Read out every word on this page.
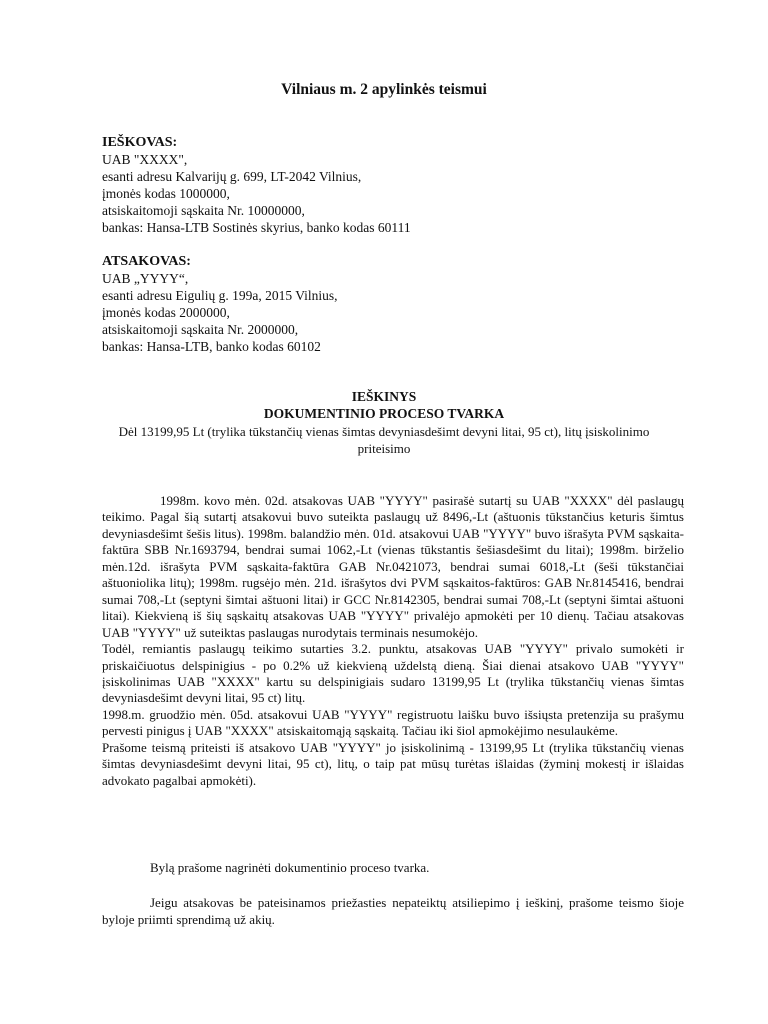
Vilniaus m. 2 apylinkės teismui
IEŠKOVAS:
UAB "XXXX",
esanti adresu Kalvarijų g. 699, LT-2042 Vilnius,
įmonės kodas 1000000,
atsiskaitomoji sąskaita Nr. 10000000,
bankas: Hansa-LTB Sostinės skyrius, banko kodas 60111
ATSAKOVAS:
UAB „YYYY“,
esanti adresu Eigulių g. 199a, 2015 Vilnius,
įmonės kodas 2000000,
atsiskaitomoji sąskaita Nr. 2000000,
bankas: Hansa-LTB, banko kodas 60102
IEŠKINYS
DOKUMENTINIO PROCESO TVARKA
Dėl 13199,95 Lt (trylika tūkstančių vienas šimtas devyniasdešimt devyni litai, 95 ct), litų įsiskolinimo priteisimo

1998m. kovo mėn. 02d. atsakovas UAB "YYYY" pasirašė sutartį su UAB "XXXX" dėl paslaugų teikimo. Pagal šią sutartį atsakovui buvo suteikta paslaugų už 8496,-Lt (aštuonis tūkstančius keturis šimtus devyniasdešimt šešis litus). 1998m. balandžio mėn. 01d. atsakovui UAB "YYYY" buvo išrašyta PVM sąskaita-faktūra SBB Nr.1693794, bendrai sumai 1062,-Lt (vienas tūkstantis šešiasdešimt du litai); 1998m. birželio mėn.12d. išrašyta PVM sąskaita-faktūra GAB Nr.0421073, bendrai sumai 6018,-Lt (šeši tūkstančiai aštuoniolika litų); 1998m. rugsėjo mėn. 21d. išrašytos dvi PVM sąskaitos-faktūros: GAB Nr.8145416, bendrai sumai 708,-Lt (septyni šimtai aštuoni litai) ir GCC Nr.8142305, bendrai sumai 708,-Lt (septyni šimtai aštuoni litai). Kiekvieną iš šių sąskaitų atsakovas UAB "YYYY" privalėjo apmokėti per 10 dienų. Tačiau atsakovas UAB "YYYY" už suteiktas paslaugas nurodytais terminais nesumokėjo.

Todėl, remiantis paslaugų teikimo sutarties 3.2. punktu, atsakovas UAB "YYYY" privalo sumokėti ir priskaičiuotus delspinigius - po 0.2% už kiekvieną uždelstą dieną. Šiai dienai atsakovo UAB "YYYY" įsiskolinimas UAB "XXXX" kartu su delspinigiais sudaro 13199,95 Lt (trylika tūkstančių vienas šimtas devyniasdešimt devyni litai, 95 ct) litų.

1998.m. gruodžio mėn. 05d. atsakovui UAB "YYYY" registruotu laišku buvo išsiųsta pretenzija su prašymu pervesti pinigus į UAB "XXXX" atsiskaitomąją sąskaitą. Tačiau iki šiol apmokėjimo nesulaukėme.

Prašome teismą priteisti iš atsakovo UAB "YYYY" jo įsiskolinimą - 13199,95 Lt (trylika tūkstančių vienas šimtas devyniasdešimt devyni litai, 95 ct), litų, o taip pat mūsų turėtas išlaidas (žyminį mokestį ir išlaidas advokato pagalbai apmokėti).

Bylą prašome nagrinėti dokumentinio proceso tvarka.

Jeigu atsakovas be pateisinamos priežasties nepateiktų atsiliepimo į ieškinį, prašome teismo šioje byloje priimti sprendimą už akių.
